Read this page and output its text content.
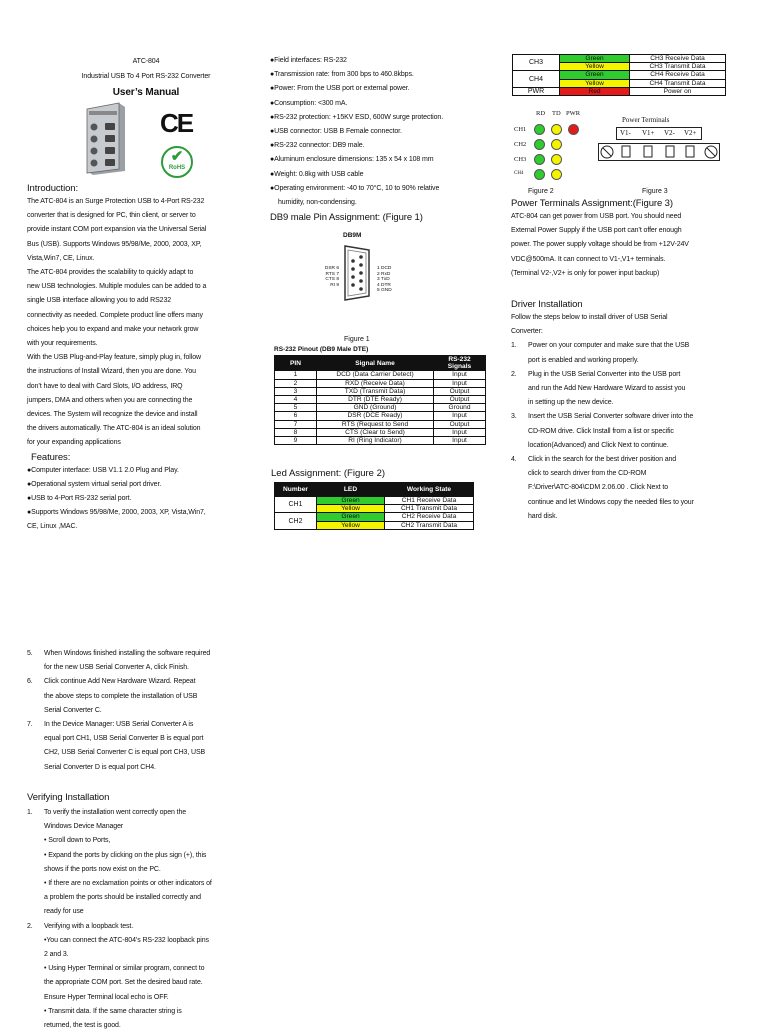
ATC-804
Industrial USB To 4 Port RS-232 Converter
User’s Manual
CE
✔
RoHS
Introduction:
The ATC-804 is an Surge Protection USB to 4-Port RS-232
converter that is designed for PC, thin client, or server to
provide instant COM port expansion via the Universal Serial
Bus (USB). Supports Windows 95/98/Me, 2000, 2003, XP,
Vista,Win7, CE, Linux.
The ATC-804 provides the scalability to quickly adapt to
new USB technologies. Multiple modules can be added to a
single USB interface allowing you to add RS232
connectivity as needed. Complete product line offers many
choices help you to expand and make your network grow
with your requirements.
With the USB Plug-and-Play feature, simply plug in, follow
the instructions of Install Wizard, then you are done. You
don’t have to deal with Card Slots, I/O address, IRQ
jumpers, DMA and others when you are connecting the
devices. The System will recognize the device and install
the drivers automatically. The ATC-804 is an ideal solution
for your expanding applications
Features:
●Computer interface: USB V1.1 2.0 Plug and Play.
●Operational system virtual serial port driver.
●USB to 4-Port RS-232 serial port.
●Supports Windows 95/98/Me, 2000, 2003, XP, Vista,Win7,
CE, Linux ,MAC.
●Field interfaces: RS-232
●Transmission rate: from 300 bps to 460.8kbps.
●Power: From the USB port or external power.
●Consumption: <300 mA.
●RS-232 protection: +15KV ESD, 600W surge protection.
●USB connector: USB B Female connector.
●RS-232 connector: DB9 male.
●Aluminum enclosure dimensions: 135 x 54 x 108 mm
●Weight: 0.8kg with USB cable
●Operating environment: -40 to 70°C, 10 to 90% relative
humidity, non-condensing.
DB9 male Pin Assignment: (Figure 1)
DB9M
DSR 6
RTS 7
CTS 8
RI 9
1 DCD
2 RxD
3 TxD
4 DTR
5 GND
Figure 1
RS-232 Pinout (DB9 Male DTE)
PIN	Signal Name	RS-232 Signals
1	DCD (Data Carrier Detect)	Input
2	RXD (Receive Data)	Input
3	TXD (Transmit Data)	Output
4	DTR (DTE Ready)	Output
5	GND (Ground)	Ground
6	DSR (DCE Ready)	Input
7	RTS (Request to Send	Output
8	CTS (Clear to Send)	Input
9	RI (Ring Indicator)	Input
Led Assignment: (Figure 2)
Number	LED	Working State
CH1	Green	CH1 Receive Data
	Yellow	CH1 Transmit Data
CH2	Green	CH2 Receive Data
	Yellow	CH2 Transmit Data
CH3	Green	CH3 Receive Data
	Yellow	CH3 Transmit Data
CH4	Green	CH4 Receive Data
	Yellow	CH4 Transmit Data
PWR	Red	Power on
RD TD PWR
CH1
CH2
CH3
CH4
Power Terminals
V1- V1+ V2- V2+
Figure 2	Figure 3
Power Terminals Assignment:(Figure 3)
ATC-804 can get power from USB port. You should need
External Power Supply if the USB port can’t offer enough
power. The power supply voltage should be from +12V-24V
VDC@500mA. It can connect to V1-,V1+ terminals.
(Terminal V2-,V2+ is only for power input backup)
Driver Installation
Follow the steps below to install driver of USB Serial
Converter:
1. Power on your computer and make sure that the USB
port is enabled and working properly.
2. Plug in the USB Serial Converter into the USB port
and run the Add New Hardware Wizard to assist you
in setting up the new device.
3. Insert the USB Serial Converter software driver into the
CD-ROM drive. Click Install from a list or specific
location(Advanced) and Click Next to continue.
4. Click in the search for the best driver position and
click to search driver from the CD-ROM
F:\Driver\ATC-804\CDM 2.06.00 . Click Next to
continue and let Windows copy the needed files to your
hard disk.
5. When Windows finished installing the software required
for the new USB Serial Converter A, click Finish.
6. Click continue Add New Hardware Wizard. Repeat
the above steps to complete the installation of USB
Serial Converter C.
7. In the Device Manager: USB Serial Converter A is
equal port CH1, USB Serial Converter B is equal port
CH2, USB Serial Converter C is equal port CH3, USB
Serial Converter D is equal port CH4.
Verifying Installation
1. To verify the installation went correctly open the
Windows Device Manager
• Scroll down to Ports,
• Expand the ports by clicking on the plus sign (+), this
shows if the ports now exist on the PC.
• If there are no exclamation points or other indicators of
a problem the ports should be installed correctly and
ready for use
2. Verifying with a loopback test.
•You can connect the ATC-804’s RS-232 loopback pins
2 and 3.
• Using Hyper Terminal or similar program, connect to
the appropriate COM port. Set the desired baud rate.
Ensure Hyper Terminal local echo is OFF.
• Transmit data. If the same character string is
returned, the test is good.
